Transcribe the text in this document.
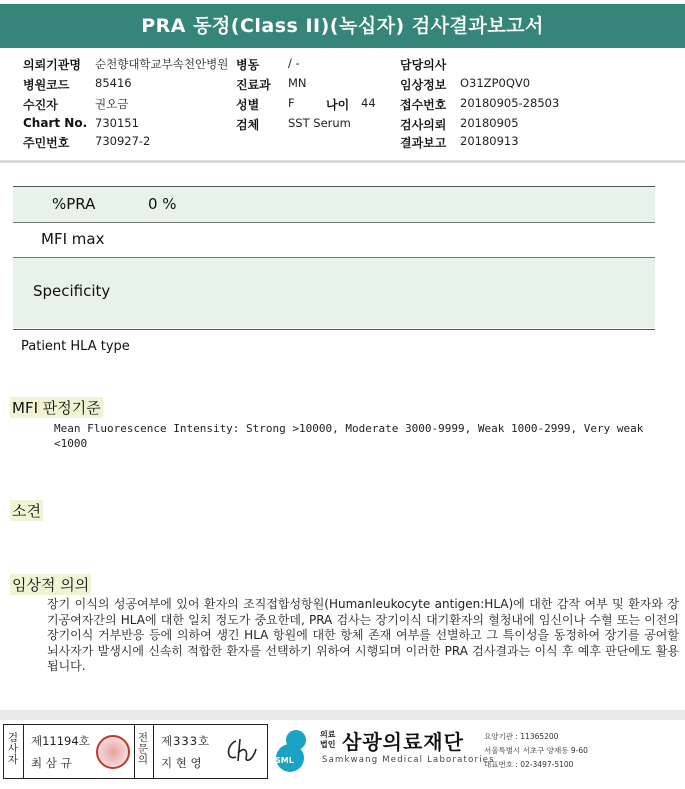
PRA 동정(Class II)(녹십자) 검사결과보고서
의뢰기관명 순천향대학교부속천안병원 병동	/ -	담당의사
병원코드 85416	진료과 MN	임상정보 O31ZP0QV0
수진자	권오금	성별	F	나이 44 접수번호 20180905-28503
Chart No. 730151	검체	SST Serum	검사의뢰 20180905
주민번호 730927-2	결과보고 20180913
%PRA	0 %
MFI max
Specificity
Patient HLA type
MFI 판정기준
Mean Fluorescence Intensity: Strong >10000, Moderate 3000-9999, Weak 1000-2999, Very weak
<1000
소견
임상적 의의
장기 이식의 성공여부에 있어 환자의 조직접합성항원(Humanleukocyte antigen:HLA)에 대한 감작 여부 및 환자와 장기공여자간의 HLA에 대한 일치 정도가 중요한데, PRA 검사는 장기이식 대기환자의 혈청내에 임신이나 수혈 또는 이전의 장기이식 거부반응 등에 의하여 생긴 HLA 항원에 대한 항체 존재 여부를 선별하고 그 특이성을 동정하여 장기를 공여할 뇌사자가 발생시에 신속히 적합한 환자를 선택하기 위하여 시행되며 이러한 PRA 검사결과는 이식 후 예후 판단에도 활용됩니다.
검
사
자
제11194호
최 삼 규
전
문
의
제333호
지 현 영	SML
의료
법인 삼광의료재단
Samkwang Medical Laboratories
요양기관 : 11365200
서울특별시 서초구 양재동 9-60
대표번호 : 02-3497-5100
